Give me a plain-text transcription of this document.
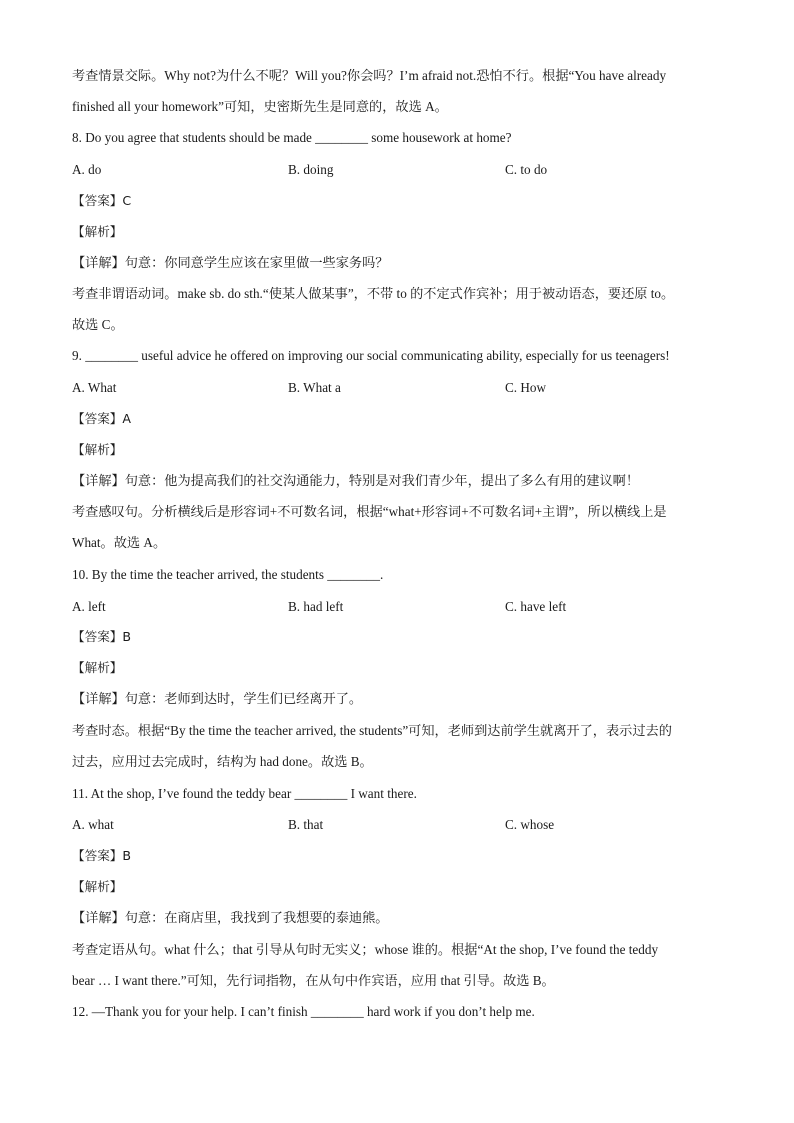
考查情景交际。Why not?为什么不呢？Will you?你会吗？I’m afraid not.恐怕不行。根据“You have already
finished all your homework”可知，史密斯先生是同意的，故选 A。
8. Do you agree that students should be made ________ some housework at home?
A. do	B. doing	C. to do
【答案】C
【解析】
【详解】句意：你同意学生应该在家里做一些家务吗？
考查非谓语动词。make sb. do sth.“使某人做某事”，不带 to 的不定式作宾补；用于被动语态，要还原 to。
故选 C。
9. ________ useful advice he offered on improving our social communicating ability, especially for us teenagers!
A. What	B. What a	C. How
【答案】A
【解析】
【详解】句意：他为提高我们的社交沟通能力，特别是对我们青少年，提出了多么有用的建议啊！
考查感叹句。分析横线后是形容词+不可数名词，根据“what+形容词+不可数名词+主谓”，所以横线上是
What。故选 A。
10. By the time the teacher arrived, the students ________.
A. left	B. had left	C. have left
【答案】B
【解析】
【详解】句意：老师到达时，学生们已经离开了。
考查时态。根据“By the time the teacher arrived, the students”可知，老师到达前学生就离开了，表示过去的
过去，应用过去完成时，结构为 had done。故选 B。
11. At the shop, I’ve found the teddy bear ________ I want there.
A. what	B. that	C. whose
【答案】B
【解析】
【详解】句意：在商店里，我找到了我想要的泰迪熊。
考查定语从句。what 什么；that 引导从句时无实义；whose 谁的。根据“At the shop, I’ve found the teddy
bear … I want there.”可知，先行词指物，在从句中作宾语，应用 that 引导。故选 B。
12. —Thank you for your help. I can’t finish ________ hard work if you don’t help me.
